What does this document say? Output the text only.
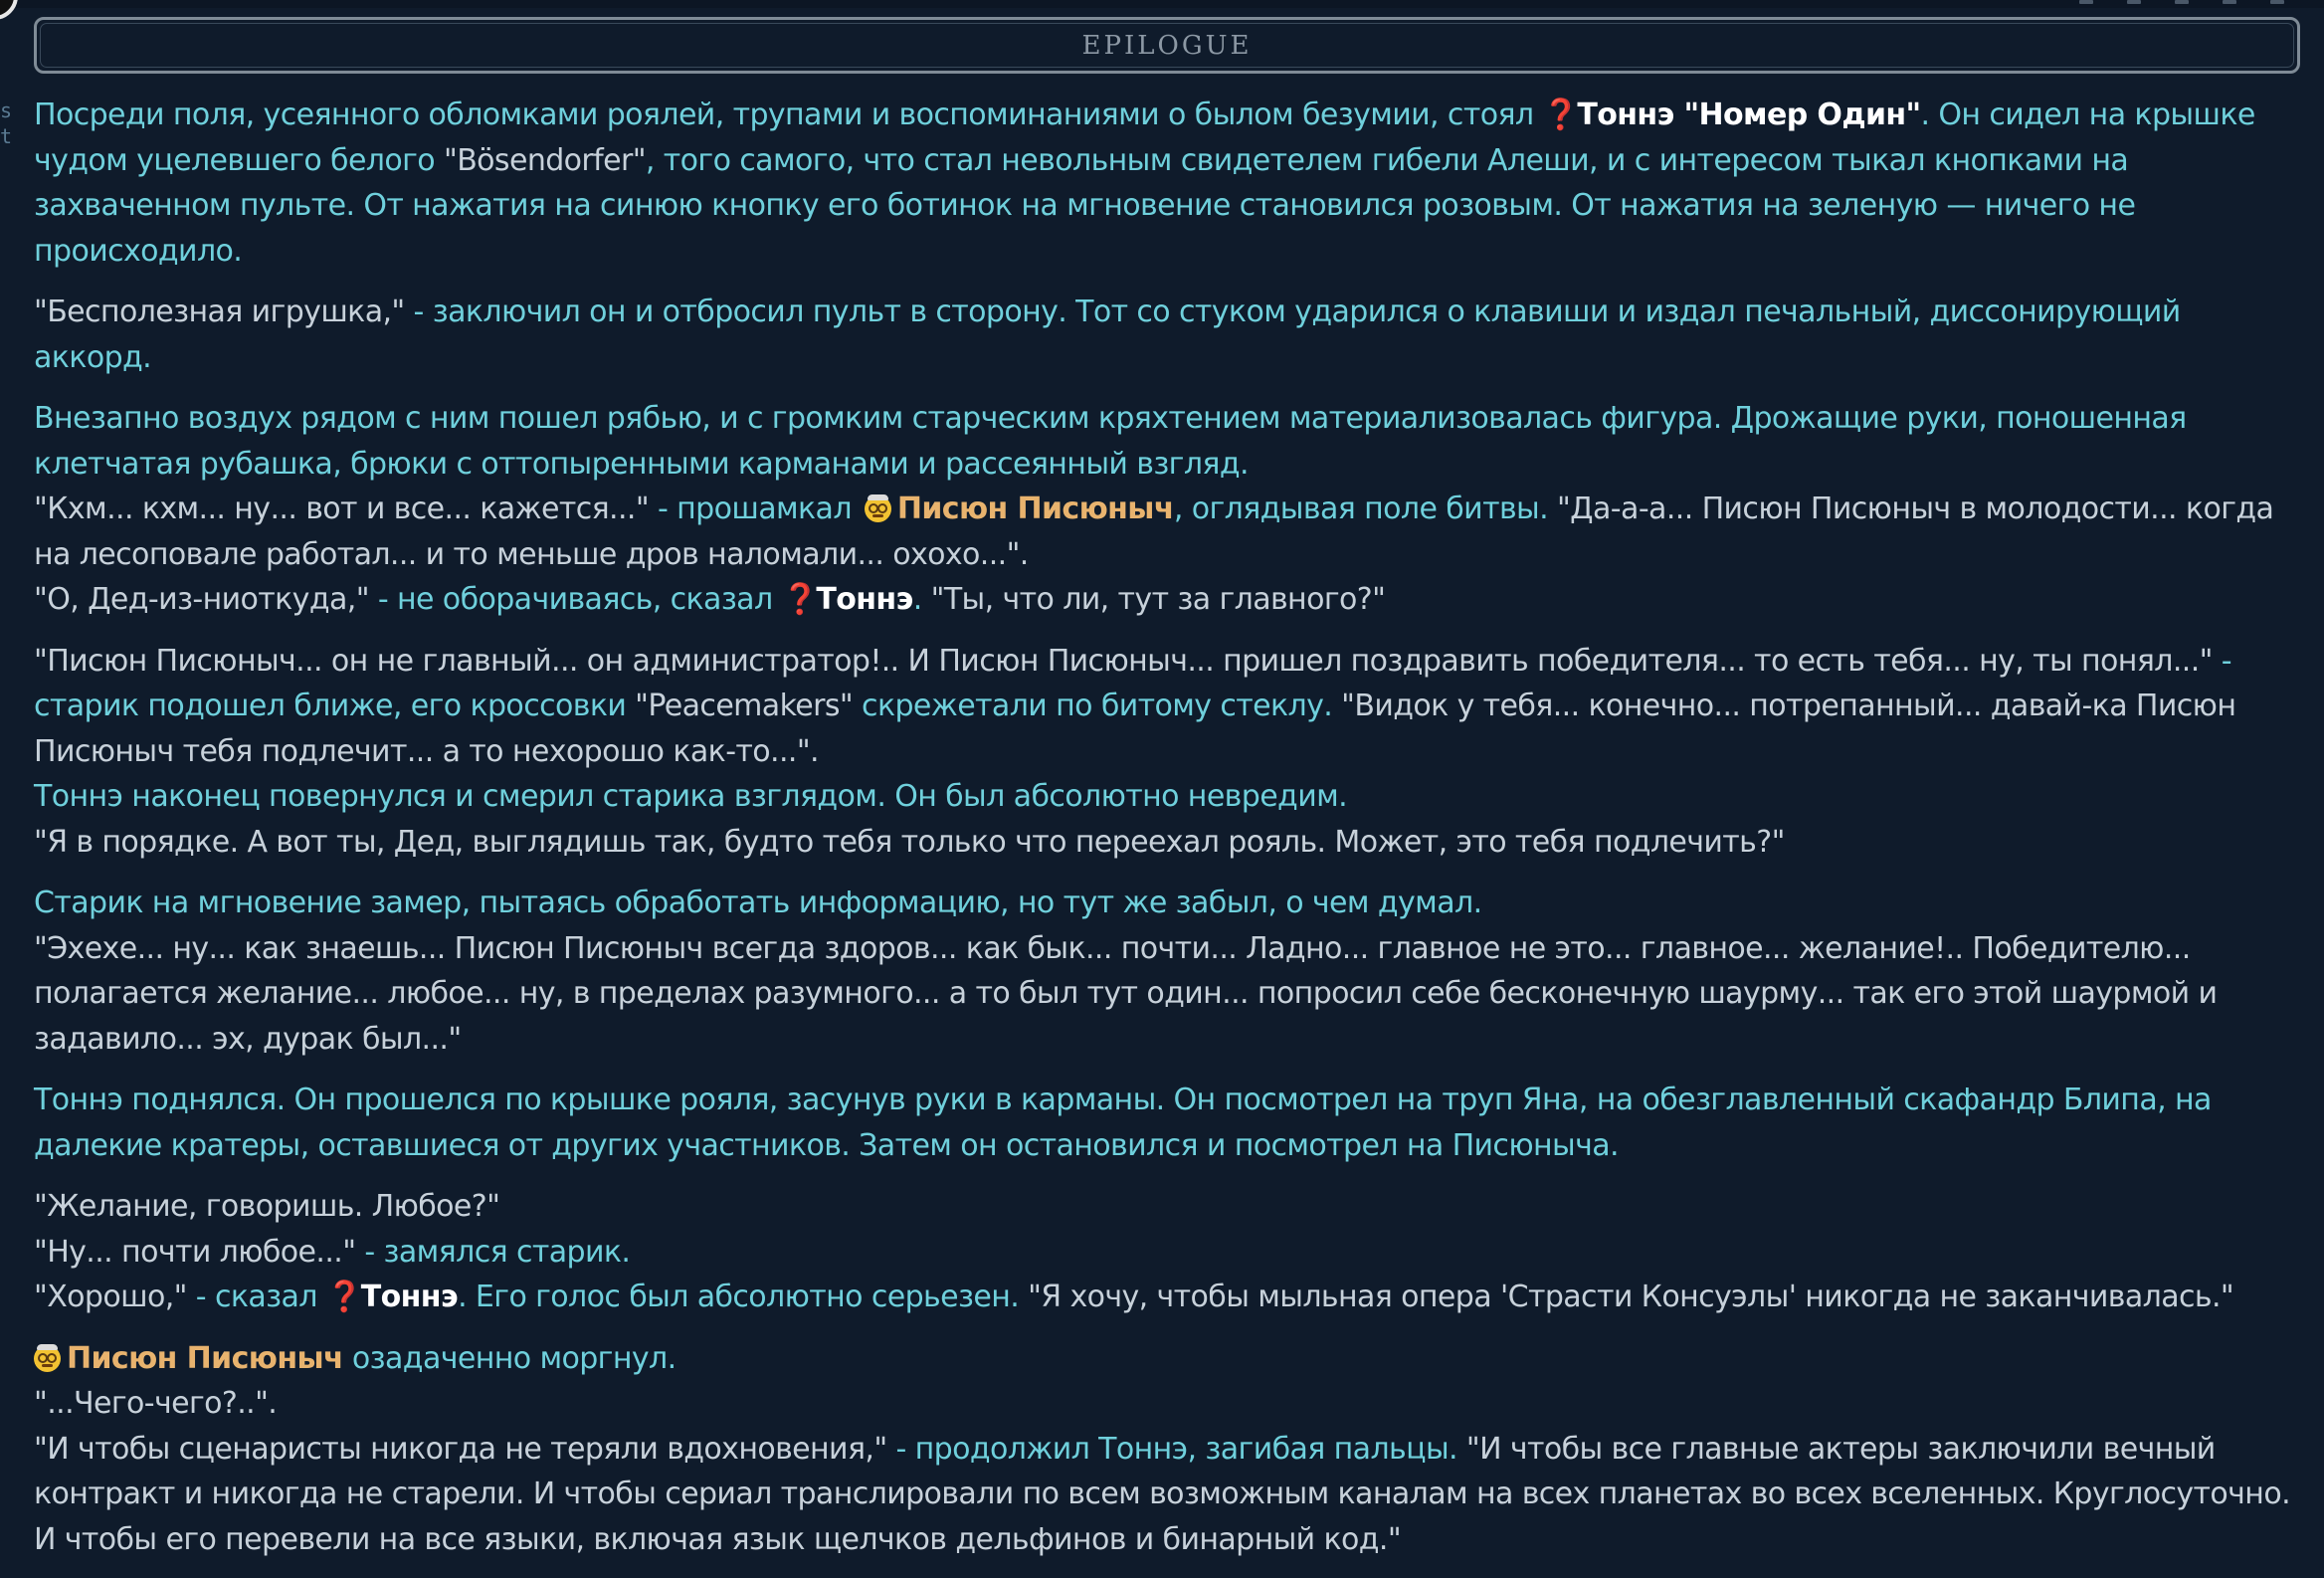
s
t
EPILOGUE

Посреди поля, усеянного обломками роялей, трупами и воспоминаниями о былом безумии, стоял ❓ Тоннэ "Номер Один". Он сидел на крышке чудом уцелевшего белого "Bösendorfer", того самого, что стал невольным свидетелем гибели Алеши, и с интересом тыкал кнопками на захваченном пульте. От нажатия на синюю кнопку его ботинок на мгновение становился розовым. От нажатия на зеленую — ничего не происходило.

"Бесполезная игрушка," - заключил он и отбросил пульт в сторону. Тот со стуком ударился о клавиши и издал печальный, диссонирующий аккорд.

Внезапно воздух рядом с ним пошел рябью, и с громким старческим кряхтением материализовалась фигура. Дрожащие руки, поношенная клетчатая рубашка, брюки с оттопыренными карманами и рассеянный взгляд.
"Кхм... кхм... ну... вот и все... кажется..." - прошамкал
Писюн Писюныч, оглядывая поле битвы. "Да-а-а... Писюн Писюныч в молодости... когда на лесоповале работал... и то меньше дров наломали... охохо...".
"О, Дед-из-ниоткуда," - не оборачиваясь, сказал ❓ Тоннэ. "Ты, что ли, тут за главного?"

"Писюн Писюныч... он не главный... он администратор!.. И Писюн Писюныч... пришел поздравить победителя... то есть тебя... ну, ты понял..." - старик подошел ближе, его кроссовки "Peacemakers" скрежетали по битому стеклу. "Видок у тебя... конечно... потрепанный... давай-ка Писюн Писюныч тебя подлечит... а то нехорошо как-то...".
Тоннэ наконец повернулся и смерил старика взглядом. Он был абсолютно невредим.
"Я в порядке. А вот ты, Дед, выглядишь так, будто тебя только что переехал рояль. Может, это тебя подлечить?"

Старик на мгновение замер, пытаясь обработать информацию, но тут же забыл, о чем думал.
"Эхехе... ну... как знаешь... Писюн Писюныч всегда здоров... как бык... почти... Ладно... главное не это... главное... желание!.. Победителю... полагается желание... любое... ну, в пределах разумного... а то был тут один... попросил себе бесконечную шаурму... так его этой шаурмой и задавило... эх, дурак был..."

Тоннэ поднялся. Он прошелся по крышке рояля, засунув руки в карманы. Он посмотрел на труп Яна, на обезглавленный скафандр Блипа, на далекие кратеры, оставшиеся от других участников. Затем он остановился и посмотрел на Писюныча.

"Желание, говоришь. Любое?"
"Ну... почти любое..." - замялся старик.
"Хорошо," - сказал ❓ Тоннэ. Его голос был абсолютно серьезен. "Я хочу, чтобы мыльная опера 'Страсти Консуэлы' никогда не заканчивалась."

Писюн Писюныч озадаченно моргнул.
"...Чего-чего?..".
"И чтобы сценаристы никогда не теряли вдохновения," - продолжил Тоннэ, загибая пальцы. "И чтобы все главные актеры заключили вечный контракт и никогда не старели. И чтобы сериал транслировали по всем возможным каналам на всех планетах во всех вселенных. Круглосуточно. И чтобы его перевели на все языки, включая язык щелчков дельфинов и бинарный код."
